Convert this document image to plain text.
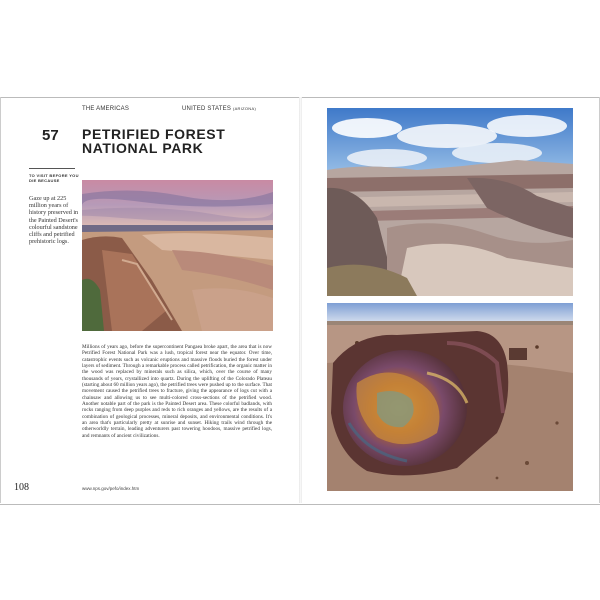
THE AMERICAS	UNITED STATES (ARIZONA)
57 PETRIFIED FOREST NATIONAL PARK
TO VISIT BEFORE YOU DIE BECAUSE
Gaze up at 225 million years of history preserved in the Painted Desert's colourful sandstone cliffs and petrified prehistoric logs.

Millions of years ago, before the supercontinent Pangaea broke apart, the area that is now Petrified Forest National Park was a lush, tropical forest near the equator. Over time, catastrophic events such as volcanic eruptions and massive floods buried the forest under layers of sediment. Through a remarkable process called petrification, the organic matter in the wood was replaced by minerals such as silica, which, over the course of many thousands of years, crystallized into quartz. During the uplifting of the Colorado Plateau (starting about 60 million years ago), the petrified trees were pushed up to the surface. That movement caused the petrified trees to fracture, giving the appearance of logs cut with a chainsaw and allowing us to see multi-colored cross-sections of the petrified wood. Another notable part of the park is the Painted Desert area. These colorful badlands, with rocks ranging from deep purples and reds to rich oranges and yellows, are the results of a combination of geological processes, mineral deposits, and environmental conditions. It's an area that's particularly pretty at sunrise and sunset. Hiking trails wind through the otherworldly terrain, leading adventurers past towering hoodoos, massive petrified logs, and remnants of ancient civilizations.

108	www.nps.gov/pefo/index.htm
